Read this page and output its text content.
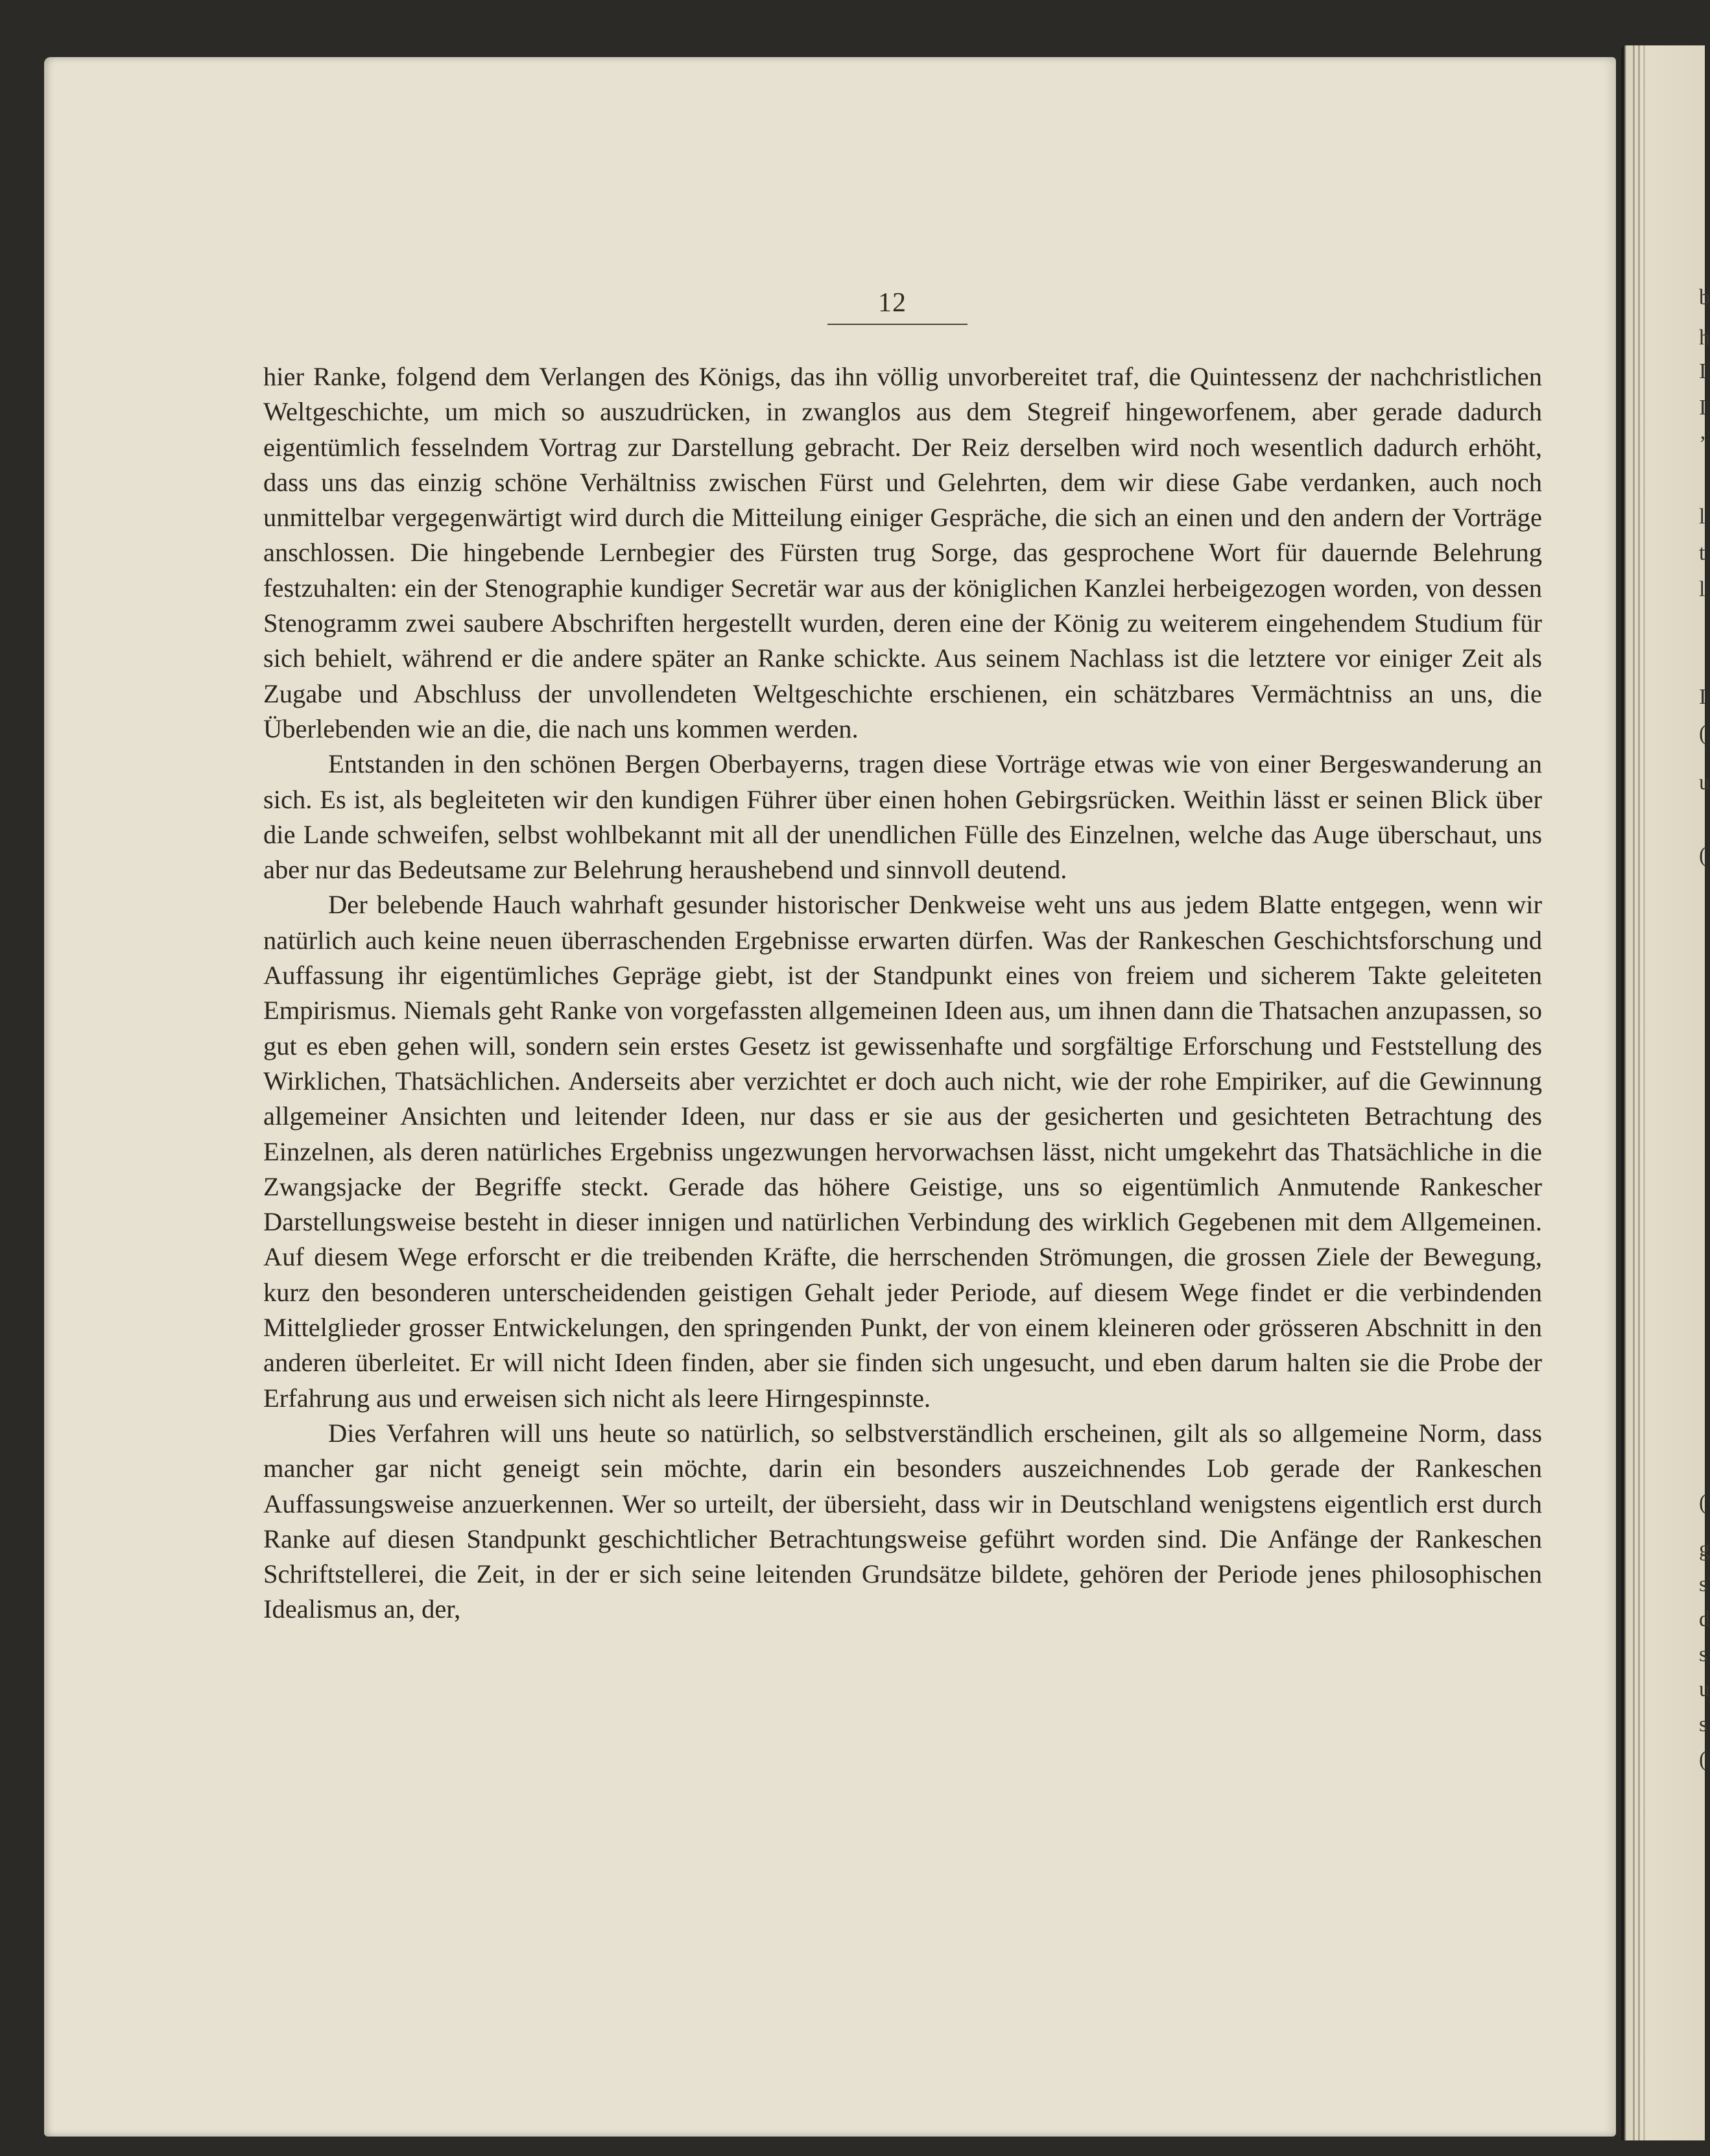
12

hier Ranke, folgend dem Verlangen des Königs, das ihn völlig unvorbereitet traf, die Quintessenz der nachchristlichen Weltgeschichte, um mich so auszudrücken, in zwanglos aus dem Stegreif hingeworfenem, aber gerade dadurch eigentümlich fesselndem Vortrag zur Darstellung gebracht. Der Reiz derselben wird noch wesentlich dadurch erhöht, dass uns das einzig schöne Verhältniss zwischen Fürst und Gelehrten, dem wir diese Gabe verdanken, auch noch unmittelbar vergegenwärtigt wird durch die Mitteilung einiger Gespräche, die sich an einen und den andern der Vorträge anschlossen. Die hingebende Lernbegier des Fürsten trug Sorge, das gesprochene Wort für dauernde Belehrung festzuhalten: ein der Stenographie kundiger Secretär war aus der königlichen Kanzlei herbeigezogen worden, von dessen Stenogramm zwei saubere Abschriften hergestellt wurden, deren eine der König zu weiterem eingehendem Studium für sich behielt, während er die andere später an Ranke schickte. Aus seinem Nachlass ist die letztere vor einiger Zeit als Zugabe und Abschluss der unvollendeten Weltgeschichte erschienen, ein schätzbares Vermächtniss an uns, die Überlebenden wie an die, die nach uns kommen werden.

Entstanden in den schönen Bergen Oberbayerns, tragen diese Vorträge etwas wie von einer Bergeswanderung an sich. Es ist, als begleiteten wir den kundigen Führer über einen hohen Gebirgsrücken. Weithin lässt er seinen Blick über die Lande schweifen, selbst wohlbekannt mit all der unendlichen Fülle des Einzelnen, welche das Auge überschaut, uns aber nur das Bedeutsame zur Belehrung heraushebend und sinnvoll deutend.

Der belebende Hauch wahrhaft gesunder historischer Denkweise weht uns aus jedem Blatte entgegen, wenn wir natürlich auch keine neuen überraschenden Ergebnisse erwarten dürfen. Was der Rankeschen Geschichtsforschung und Auffassung ihr eigentümliches Gepräge giebt, ist der Standpunkt eines von freiem und sicherem Takte geleiteten Empirismus. Niemals geht Ranke von vorgefassten allgemeinen Ideen aus, um ihnen dann die Thatsachen anzupassen, so gut es eben gehen will, sondern sein erstes Gesetz ist gewissenhafte und sorgfältige Erforschung und Feststellung des Wirklichen, Thatsächlichen. Anderseits aber verzichtet er doch auch nicht, wie der rohe Empiriker, auf die Gewinnung allgemeiner Ansichten und leitender Ideen, nur dass er sie aus der gesicherten und gesichteten Betrachtung des Einzelnen, als deren natürliches Ergebniss ungezwungen hervorwachsen lässt, nicht umgekehrt das Thatsächliche in die Zwangsjacke der Begriffe steckt. Gerade das höhere Geistige, uns so eigentümlich Anmutende Rankescher Darstellungsweise besteht in dieser innigen und natürlichen Verbindung des wirklich Gegebenen mit dem Allgemeinen. Auf diesem Wege erforscht er die treibenden Kräfte, die herrschenden Strömungen, die grossen Ziele der Bewegung, kurz den besonderen unterscheidenden geistigen Gehalt jeder Periode, auf diesem Wege findet er die verbindenden Mittelglieder grosser Entwickelungen, den springenden Punkt, der von einem kleineren oder grösseren Abschnitt in den anderen überleitet. Er will nicht Ideen finden, aber sie finden sich ungesucht, und eben darum halten sie die Probe der Erfahrung aus und erweisen sich nicht als leere Hirngespinnste.

Dies Verfahren will uns heute so natürlich, so selbstverständlich erscheinen, gilt als so allgemeine Norm, dass mancher gar nicht geneigt sein möchte, darin ein besonders auszeichnendes Lob gerade der Rankeschen Auffassungsweise anzuerkennen. Wer so urteilt, der übersieht, dass wir in Deutschland wenigstens eigentlich erst durch Ranke auf diesen Standpunkt geschichtlicher Betrachtungsweise geführt worden sind. Die Anfänge der Rankeschen Schriftstellerei, die Zeit, in der er sich seine leitenden Grundsätze bildete, gehören der Periode jenes philosophischen Idealismus an, der,

b
h
I
I
’
l
t
l
I
(
u
(
(
g
s
d
s
u
s
(
